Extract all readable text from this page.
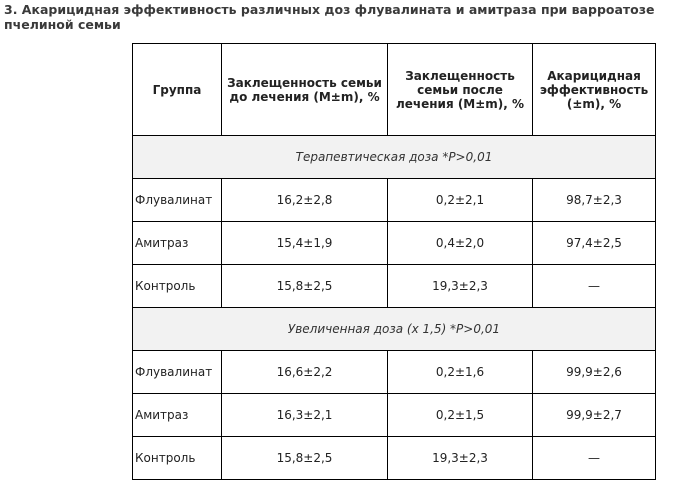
3. Акарицидная эффективность различных доз флувалината и амитраза при варроатозе пчелиной семьи

Группа	Заклещенность семьи до лечения (М±m), %	Заклещенность семьи после лечения (М±m), %	Акарицидная эффективность (±m), %
Терапевтическая доза *Р>0,01			
Флувалинат	16,2±2,8	0,2±2,1	98,7±2,3
Амитраз	15,4±1,9	0,4±2,0	97,4±2,5
Контроль	15,8±2,5	19,3±2,3	—
Увеличенная доза (х 1,5) *Р>0,01			
Флувалинат	16,6±2,2	0,2±1,6	99,9±2,6
Амитраз	16,3±2,1	0,2±1,5	99,9±2,7
Контроль	15,8±2,5	19,3±2,3	—
